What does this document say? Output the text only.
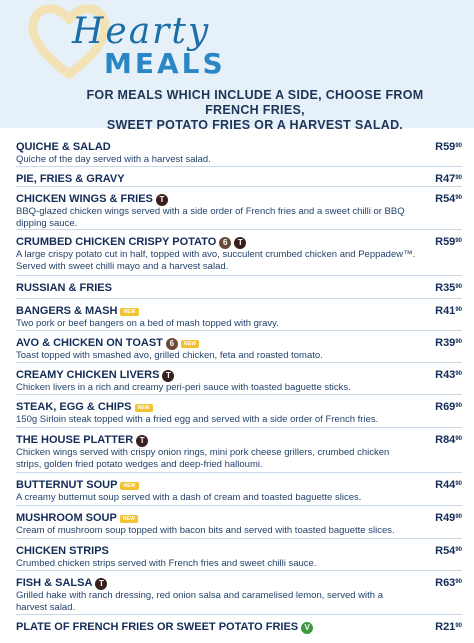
Hearty
MEALS
FOR MEALS WHICH INCLUDE A SIDE, CHOOSE FROM FRENCH FRIES,
SWEET POTATO FRIES OR A HARVEST SALAD.
QUICHE & SALAD
Quiche of the day served with a harvest salad.
$R59^{90}$
PIE, FRIES & GRAVY	$R47^{90}$
CHICKEN WINGS & FRIES T
BBQ-glazed chicken wings served with a side order of French fries and a sweet chilli or BBQ dipping sauce.
$R54^{90}$
CRUMBED CHICKEN CRISPY POTATO 6	T
A large crispy potato cut in half, topped with avo, succulent crumbed chicken and Peppadew™. Served with sweet chilli mayo and a harvest salad.
$R59^{90}$
RUSSIAN & FRIES	$R35^{90}$
BANGERS & MASH	NEW
Two pork or beef bangers on a bed of mash topped with gravy.
$R41^{90}$
AVO & CHICKEN ON TOAST 6	NEW
Toast topped with smashed avo, grilled chicken, feta and roasted tomato.
$R39^{90}$
CREAMY CHICKEN LIVERS T
Chicken livers in a rich and creamy peri-peri sauce with toasted baguette sticks.
$R43^{90}$
STEAK, EGG & CHIPS	NEW
150g Sirloin steak topped with a fried egg and served with a side order of French fries.
$R69^{90}$
THE HOUSE PLATTER T
Chicken wings served with crispy onion rings, mini pork cheese grillers, crumbed chicken strips, golden fried potato wedges and deep-fried halloumi.
$R84^{90}$
BUTTERNUT SOUP	NEW
A creamy butternut soup served with a dash of cream and toasted baguette slices.
$R44^{90}$
MUSHROOM SOUP	NEW
Cream of mushroom soup topped with bacon bits and served with toasted baguette slices.
$R49^{90}$
CHICKEN STRIPS
Crumbed chicken strips served with French fries and sweet chilli sauce.
$R54^{90}$
FISH & SALSA T
Grilled hake with ranch dressing, red onion salsa and caramelised lemon, served with a harvest salad.
$R63^{90}$
PLATE OF FRENCH FRIES OR SWEET POTATO FRIES V	$R21^{90}$
